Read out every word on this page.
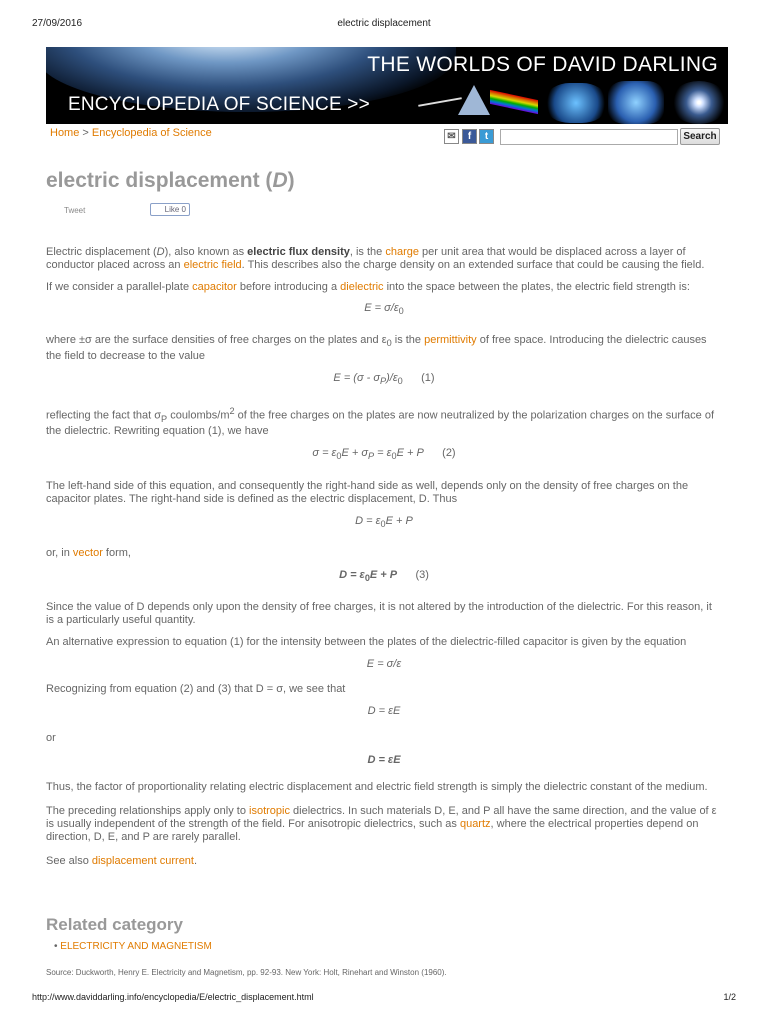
27/09/2016	electric displacement
THE WORLDS OF DAVID DARLING
ENCYCLOPEDIA OF SCIENCE >>
Home > Encyclopedia of Science	✉	f	t	Search
electric displacement (D)
Tweet	Like 0

Electric displacement (D), also known as electric flux density, is the charge per unit area that would be displaced across a layer of conductor placed across an electric field. This describes also the charge density on an extended surface that could be causing the field.

If we consider a parallel-plate capacitor before introducing a dielectric into the space between the plates, the electric field strength is:

$E = \sigma/\varepsilon_0$

where ±σ are the surface densities of free charges on the plates and $\varepsilon_0$ is the permittivity of free space. Introducing the dielectric causes the field to decrease to the value

$E = (\sigma - \sigma_P)/\varepsilon_0$ (1)

reflecting the fact that $\sigma_P$ coulombs/$m^2$ of the free charges on the plates are now neutralized by the polarization charges on the surface of the dielectric. Rewriting equation (1), we have

$\sigma = \varepsilon_0E + \sigma_P = \varepsilon_0E + P$ (2)

The left-hand side of this equation, and consequently the right-hand side as well, depends only on the density of free charges on the capacitor plates. The right-hand side is defined as the electric displacement, D. Thus

$D = \varepsilon_0E + P$

or, in vector form,

$D = \varepsilon_0E + P$ (3)

Since the value of D depends only upon the density of free charges, it is not altered by the introduction of the dielectric. For this reason, it is a particularly useful quantity.

An alternative expression to equation (1) for the intensity between the plates of the dielectric-filled capacitor is given by the equation

E = σ/ε

Recognizing from equation (2) and (3) that D = σ, we see that

D = εE

or

D = εE

Thus, the factor of proportionality relating electric displacement and electric field strength is simply the dielectric constant of the medium.

The preceding relationships apply only to isotropic dielectrics. In such materials D, E, and P all have the same direction, and the value of ε is usually independent of the strength of the field. For anisotropic dielectrics, such as quartz, where the electrical properties depend on direction, D, E, and P are rarely parallel.

See also displacement current.

Related category
• ELECTRICITY AND MAGNETISM
Source: Duckworth, Henry E. Electricity and Magnetism, pp. 92-93. New York: Holt, Rinehart and Winston (1960).
http://www.daviddarling.info/encyclopedia/E/electric_displacement.html	1/2
